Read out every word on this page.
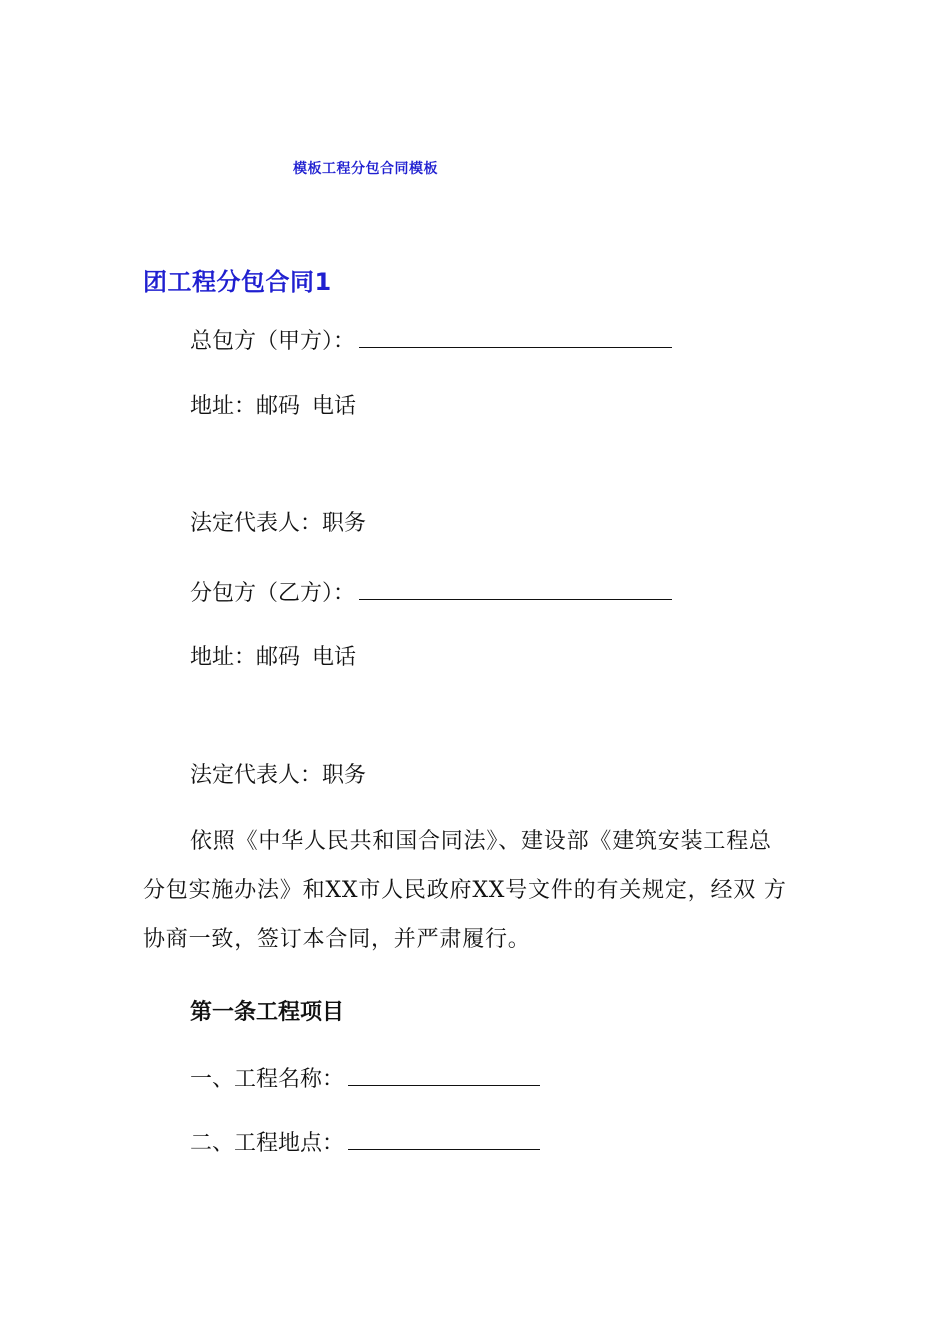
模板工程分包合同模板
团工程分包合同1
总包方（甲方）：
地址：邮码 电话
法定代表人：职务
分包方（乙方）：
地址：邮码 电话
法定代表人：职务
依照《中华人民共和国合同法》、建设部《建筑安装工程总
分包实施办法》和XX市人民政府XX号文件的有关规定，经双 方
协商一致，签订本合同，并严肃履行。
第一条工程项目
一、工程名称：
二、工程地点：
